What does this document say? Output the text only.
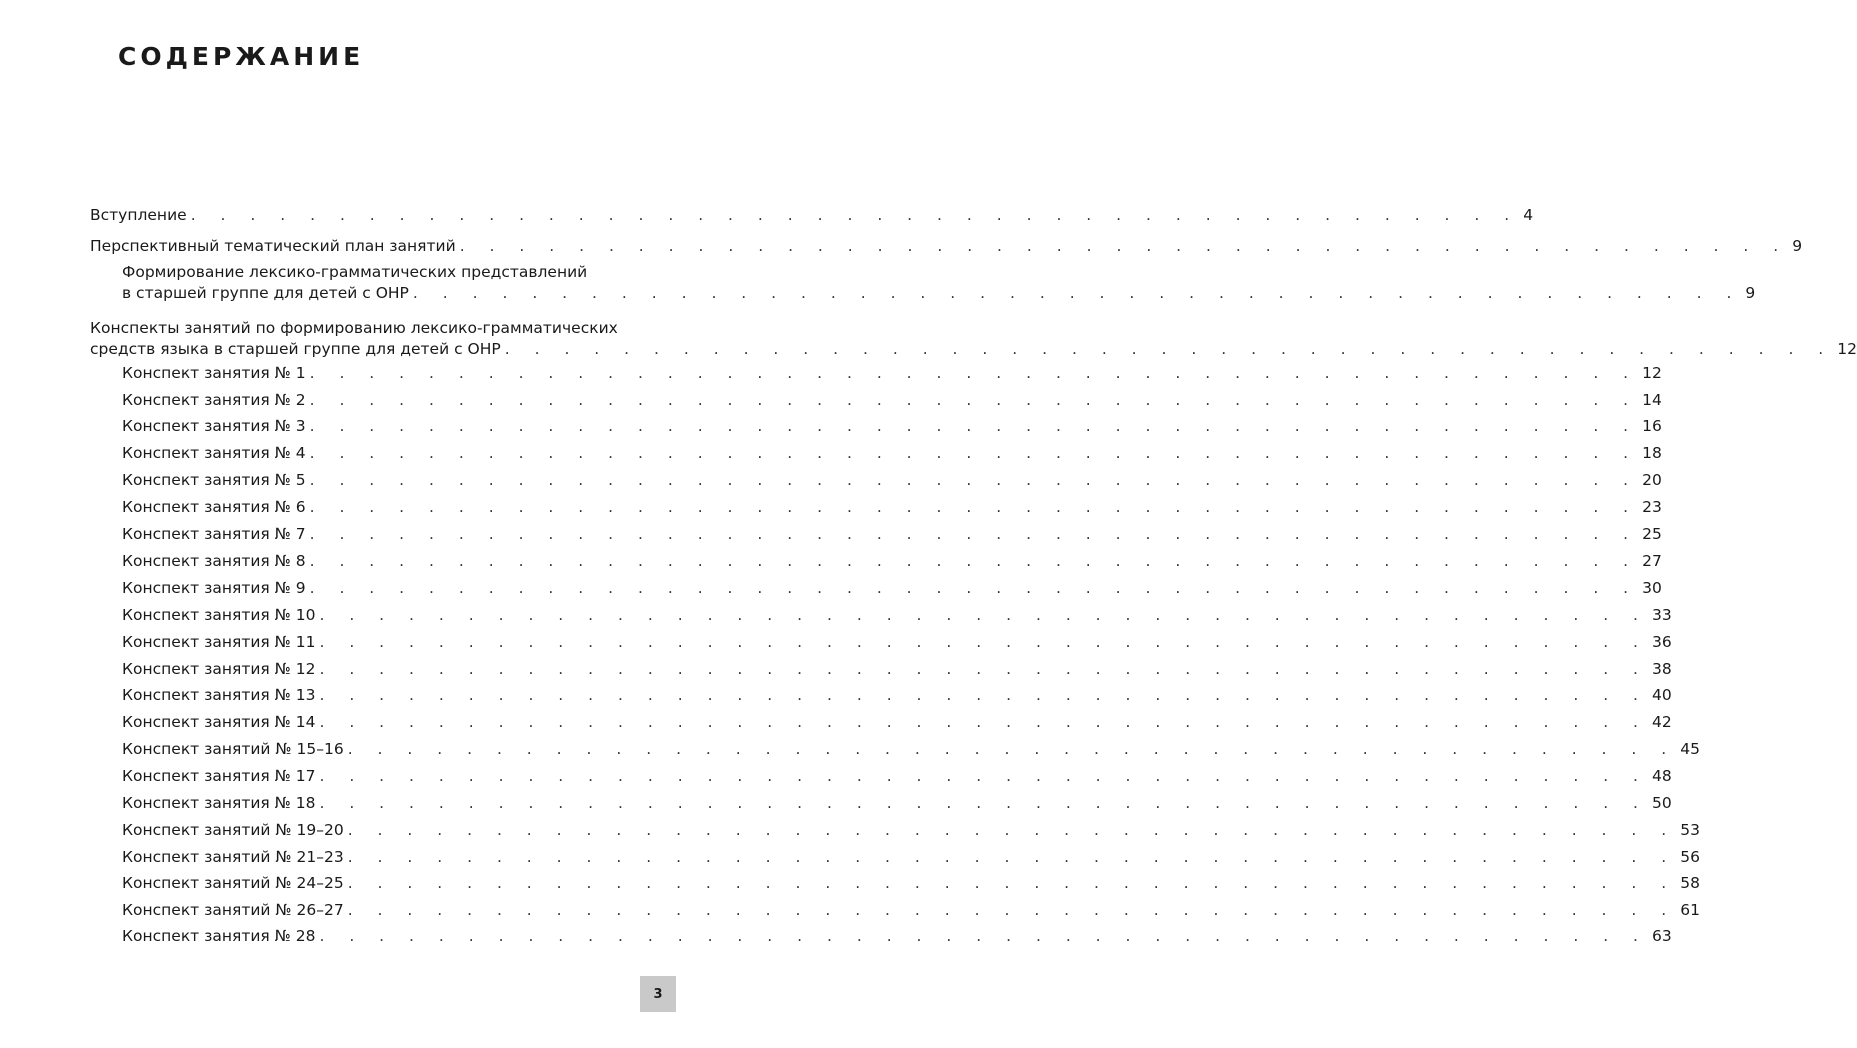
СОДЕРЖАНИЕ
Вступление . . . . . . . . . . . . . . . . . . . . . . . . . . . . . . . . . . . . . . . . . . . . . 4
Перспективный тематический план занятий . . . . . . . . . . . . . . . . . . . . . . . . . . . . . . . . . . . . . . . . . . . . . 9
Формирование лексико-грамматических представлений
в старшей группе для детей с ОНР . . . . . . . . . . . . . . . . . . . . . . . . . . . . . . . . . . . . . . . . . . . . . 9
Конспекты занятий по формированию лексико-грамматических
средств языка в старшей группе для детей с ОНР . . . . . . . . . . . . . . . . . . . . . . . . . . . . . . . . . . . . . . . . . . . . . 12
Конспект занятия № 1 . . . . . . . . . . . . . . . . . . . . . . . . . . . . . . . . . . . . . . . . . . . . . 12
Конспект занятия № 2 . . . . . . . . . . . . . . . . . . . . . . . . . . . . . . . . . . . . . . . . . . . . . 14
Конспект занятия № 3 . . . . . . . . . . . . . . . . . . . . . . . . . . . . . . . . . . . . . . . . . . . . . 16
Конспект занятия № 4 . . . . . . . . . . . . . . . . . . . . . . . . . . . . . . . . . . . . . . . . . . . . . 18
Конспект занятия № 5 . . . . . . . . . . . . . . . . . . . . . . . . . . . . . . . . . . . . . . . . . . . . . 20
Конспект занятия № 6 . . . . . . . . . . . . . . . . . . . . . . . . . . . . . . . . . . . . . . . . . . . . . 23
Конспект занятия № 7 . . . . . . . . . . . . . . . . . . . . . . . . . . . . . . . . . . . . . . . . . . . . . 25
Конспект занятия № 8 . . . . . . . . . . . . . . . . . . . . . . . . . . . . . . . . . . . . . . . . . . . . . 27
Конспект занятия № 9 . . . . . . . . . . . . . . . . . . . . . . . . . . . . . . . . . . . . . . . . . . . . . 30
Конспект занятия № 10 . . . . . . . . . . . . . . . . . . . . . . . . . . . . . . . . . . . . . . . . . . . . . 33
Конспект занятия № 11 . . . . . . . . . . . . . . . . . . . . . . . . . . . . . . . . . . . . . . . . . . . . . 36
Конспект занятия № 12 . . . . . . . . . . . . . . . . . . . . . . . . . . . . . . . . . . . . . . . . . . . . . 38
Конспект занятия № 13 . . . . . . . . . . . . . . . . . . . . . . . . . . . . . . . . . . . . . . . . . . . . . 40
Конспект занятия № 14 . . . . . . . . . . . . . . . . . . . . . . . . . . . . . . . . . . . . . . . . . . . . . 42
Конспект занятий № 15–16 . . . . . . . . . . . . . . . . . . . . . . . . . . . . . . . . . . . . . . . . . . . . . 45
Конспект занятия № 17 . . . . . . . . . . . . . . . . . . . . . . . . . . . . . . . . . . . . . . . . . . . . . 48
Конспект занятия № 18 . . . . . . . . . . . . . . . . . . . . . . . . . . . . . . . . . . . . . . . . . . . . . 50
Конспект занятий № 19–20 . . . . . . . . . . . . . . . . . . . . . . . . . . . . . . . . . . . . . . . . . . . . . 53
Конспект занятий № 21–23 . . . . . . . . . . . . . . . . . . . . . . . . . . . . . . . . . . . . . . . . . . . . . 56
Конспект занятий № 24–25 . . . . . . . . . . . . . . . . . . . . . . . . . . . . . . . . . . . . . . . . . . . . . 58
Конспект занятий № 26–27 . . . . . . . . . . . . . . . . . . . . . . . . . . . . . . . . . . . . . . . . . . . . . 61
Конспект занятия № 28 . . . . . . . . . . . . . . . . . . . . . . . . . . . . . . . . . . . . . . . . . . . . . 63
3
